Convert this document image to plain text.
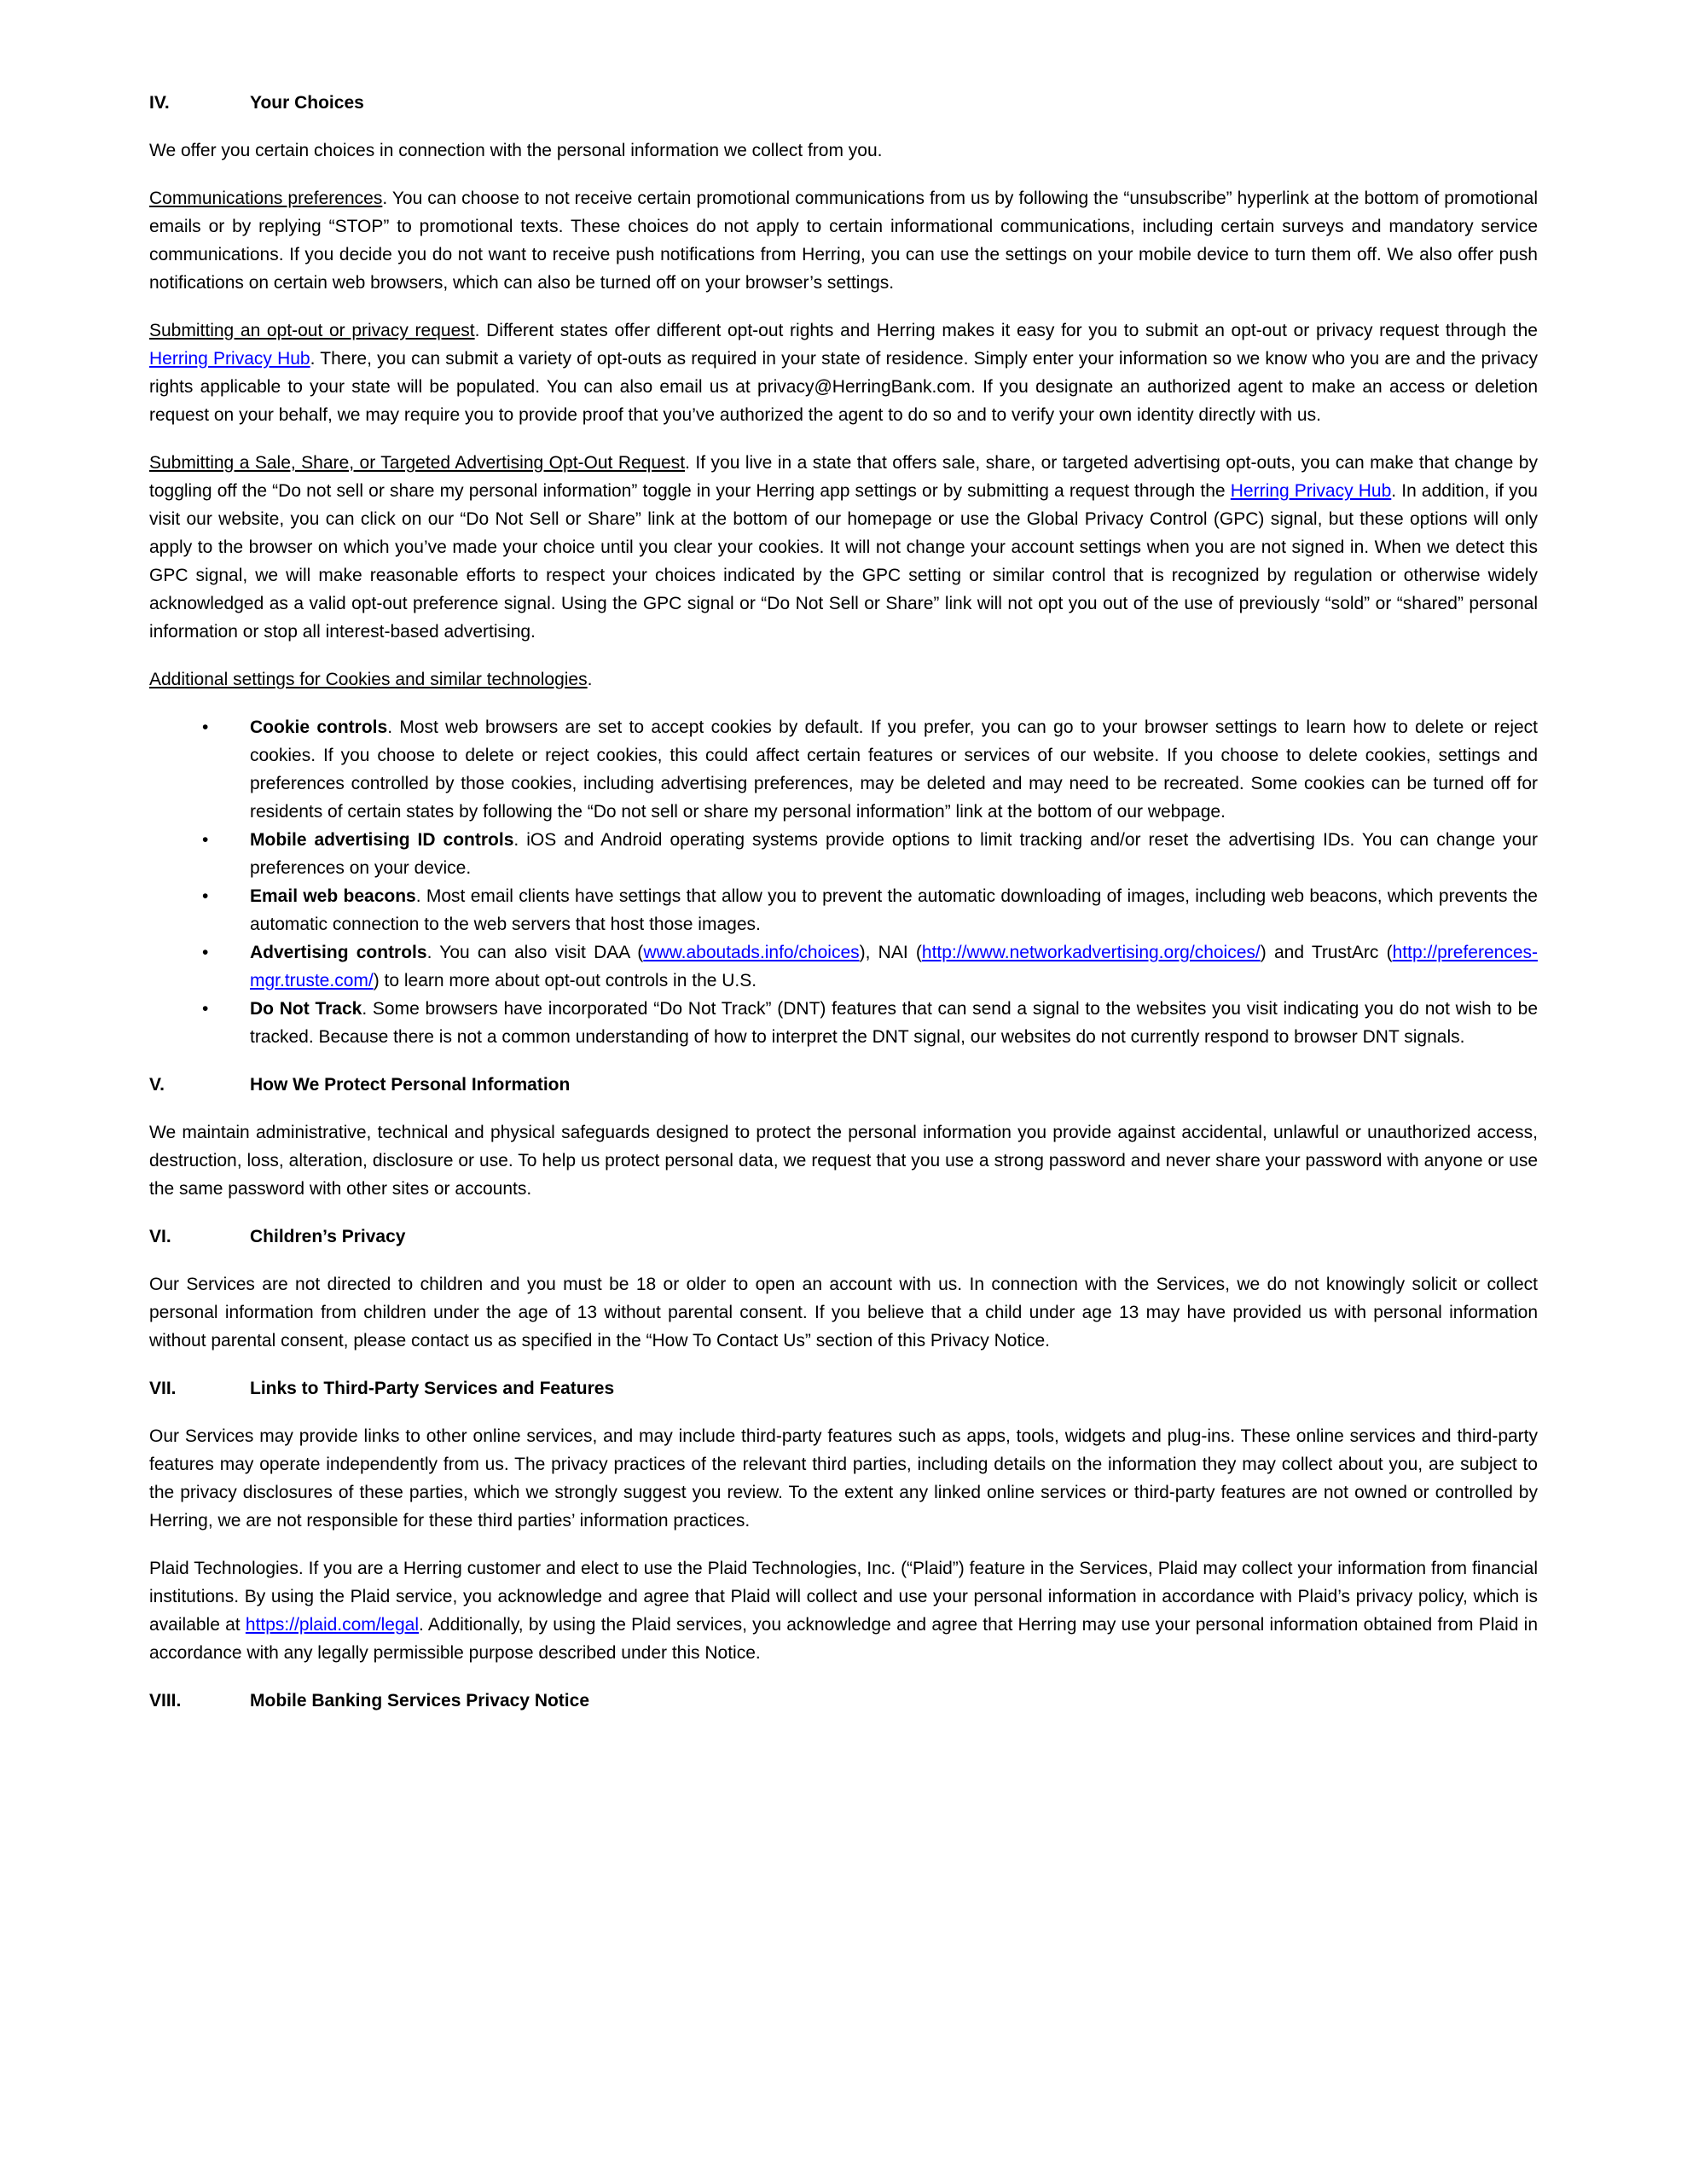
IV.	Your Choices

We offer you certain choices in connection with the personal information we collect from you.

Communications preferences. You can choose to not receive certain promotional communications from us by following the “unsubscribe” hyperlink at the bottom of promotional emails or by replying “STOP” to promotional texts. These choices do not apply to certain informational communications, including certain surveys and mandatory service communications. If you decide you do not want to receive push notifications from Herring, you can use the settings on your mobile device to turn them off. We also offer push notifications on certain web browsers, which can also be turned off on your browser’s settings.

Submitting an opt-out or privacy request. Different states offer different opt-out rights and Herring makes it easy for you to submit an opt-out or privacy request through the Herring Privacy Hub. There, you can submit a variety of opt-outs as required in your state of residence. Simply enter your information so we know who you are and the privacy rights applicable to your state will be populated. You can also email us at privacy@HerringBank.com. If you designate an authorized agent to make an access or deletion request on your behalf, we may require you to provide proof that you’ve authorized the agent to do so and to verify your own identity directly with us.

Submitting a Sale, Share, or Targeted Advertising Opt-Out Request. If you live in a state that offers sale, share, or targeted advertising opt-outs, you can make that change by toggling off the “Do not sell or share my personal information” toggle in your Herring app settings or by submitting a request through the Herring Privacy Hub. In addition, if you visit our website, you can click on our “Do Not Sell or Share” link at the bottom of our homepage or use the Global Privacy Control (GPC) signal, but these options will only apply to the browser on which you’ve made your choice until you clear your cookies. It will not change your account settings when you are not signed in. When we detect this GPC signal, we will make reasonable efforts to respect your choices indicated by the GPC setting or similar control that is recognized by regulation or otherwise widely acknowledged as a valid opt-out preference signal. Using the GPC signal or “Do Not Sell or Share” link will not opt you out of the use of previously “sold” or “shared” personal information or stop all interest-based advertising.

Additional settings for Cookies and similar technologies.

• Cookie controls. Most web browsers are set to accept cookies by default. If you prefer, you can go to your browser settings to learn how to delete or reject cookies. If you choose to delete or reject cookies, this could affect certain features or services of our website. If you choose to delete cookies, settings and preferences controlled by those cookies, including advertising preferences, may be deleted and may need to be recreated. Some cookies can be turned off for residents of certain states by following the “Do not sell or share my personal information” link at the bottom of our webpage.
• Mobile advertising ID controls. iOS and Android operating systems provide options to limit tracking and/or reset the advertising IDs. You can change your preferences on your device.
• Email web beacons. Most email clients have settings that allow you to prevent the automatic downloading of images, including web beacons, which prevents the automatic connection to the web servers that host those images.
• Advertising controls. You can also visit DAA (www.aboutads.info/choices), NAI (http://www.networkadvertising.org/choices/) and TrustArc (http://preferences-mgr.truste.com/) to learn more about opt-out controls in the U.S.
• Do Not Track. Some browsers have incorporated “Do Not Track” (DNT) features that can send a signal to the websites you visit indicating you do not wish to be tracked. Because there is not a common understanding of how to interpret the DNT signal, our websites do not currently respond to browser DNT signals.
V.	How We Protect Personal Information

We maintain administrative, technical and physical safeguards designed to protect the personal information you provide against accidental, unlawful or unauthorized access, destruction, loss, alteration, disclosure or use. To help us protect personal data, we request that you use a strong password and never share your password with anyone or use the same password with other sites or accounts.

VI.	Children’s Privacy

Our Services are not directed to children and you must be 18 or older to open an account with us. In connection with the Services, we do not knowingly solicit or collect personal information from children under the age of 13 without parental consent. If you believe that a child under age 13 may have provided us with personal information without parental consent, please contact us as specified in the “How To Contact Us” section of this Privacy Notice.

VII.	Links to Third-Party Services and Features

Our Services may provide links to other online services, and may include third-party features such as apps, tools, widgets and plug-ins. These online services and third-party features may operate independently from us. The privacy practices of the relevant third parties, including details on the information they may collect about you, are subject to the privacy disclosures of these parties, which we strongly suggest you review. To the extent any linked online services or third-party features are not owned or controlled by Herring, we are not responsible for these third parties’ information practices.

Plaid Technologies. If you are a Herring customer and elect to use the Plaid Technologies, Inc. (“Plaid”) feature in the Services, Plaid may collect your information from financial institutions. By using the Plaid service, you acknowledge and agree that Plaid will collect and use your personal information in accordance with Plaid’s privacy policy, which is available at https://plaid.com/legal. Additionally, by using the Plaid services, you acknowledge and agree that Herring may use your personal information obtained from Plaid in accordance with any legally permissible purpose described under this Notice.

VIII.	Mobile Banking Services Privacy Notice
